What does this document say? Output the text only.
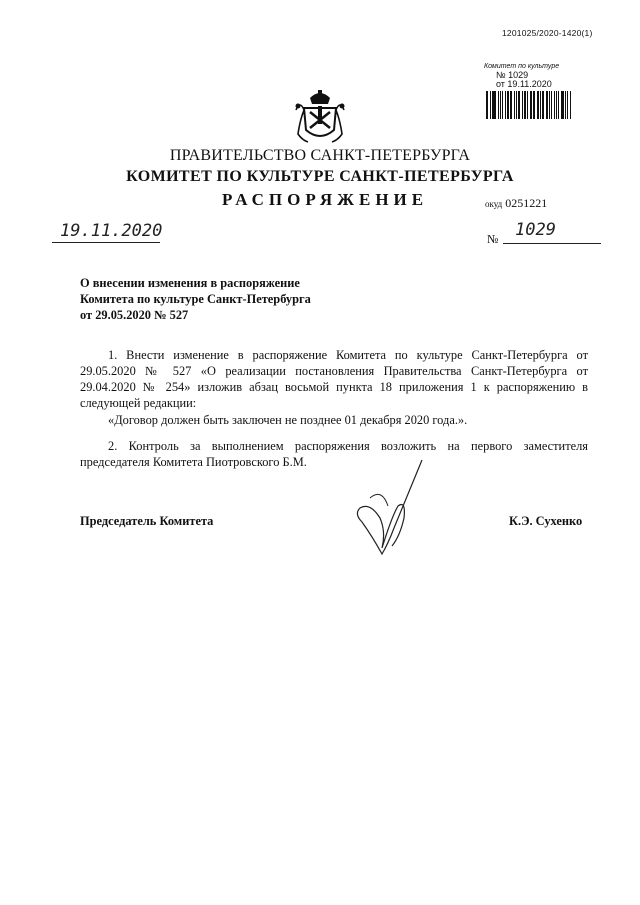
1201025/2020-1420(1)
Комитет по культуре
№ 1029
от 19.11.2020
ПРАВИТЕЛЬСТВО САНКТ-ПЕТЕРБУРГА
КОМИТЕТ ПО КУЛЬТУРЕ САНКТ-ПЕТЕРБУРГА
РАСПОРЯЖЕНИЕ	окуд 0251221
19.11.2020	№ 1029
О внесении изменения в распоряжение
Комитета по культуре Санкт-Петербурга
от 29.05.2020 № 527
1. Внести изменение в распоряжение Комитета по культуре Санкт-Петербурга от 29.05.2020 № 527 «О реализации постановления Правительства Санкт-Петербурга от 29.04.2020 № 254» изложив абзац восьмой пункта 18 приложения 1 к распоряжению в следующей редакции:
«Договор должен быть заключен не позднее 01 декабря 2020 года.».
2. Контроль за выполнением распоряжения возложить на первого заместителя председателя Комитета Пиотровского Б.М.
Председатель Комитета	К.Э. Сухенко
